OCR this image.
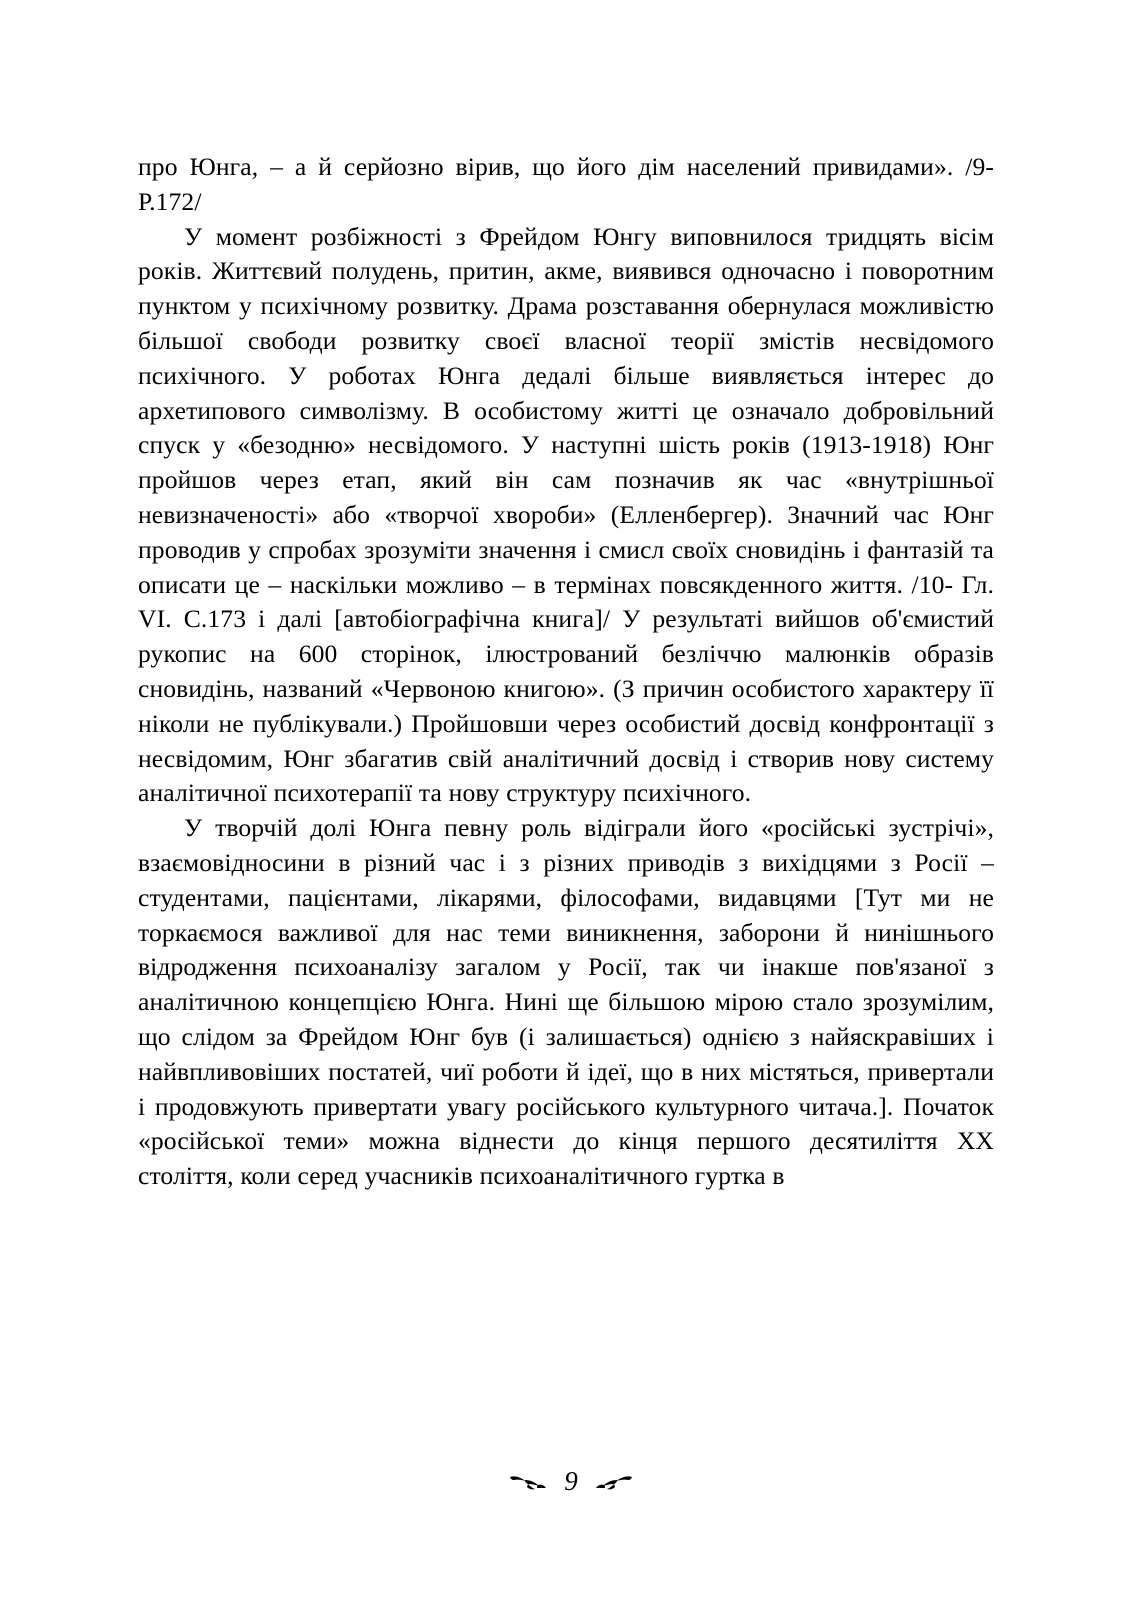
про Юнга, – а й серйозно вірив, що його дім населений привидами». /9- Р.172/

У момент розбіжності з Фрейдом Юнгу виповнилося тридцять вісім років. Життєвий полудень, притин, акме, виявився одночасно і поворотним пунктом у психічному розвитку. Драма розставання обернулася можливістю більшої свободи розвитку своєї власної теорії змістів несвідомого психічного. У роботах Юнга дедалі більше виявляється інтерес до архетипового символізму. В особистому житті це означало добровільний спуск у «безодню» несвідомого. У наступні шість років (1913-1918) Юнг пройшов через етап, який він сам позначив як час «внутрішньої невизначеності» або «творчої хвороби» (Елленбергер). Значний час Юнг проводив у спробах зрозуміти значення і смисл своїх сновидінь і фантазій та описати це – наскільки можливо – в термінах повсякденного життя. /10- Гл. VI. С.173 і далі [автобіографічна книга]/ У результаті вийшов об'ємистий рукопис на 600 сторінок, ілюстрований безліччю малюнків образів сновидінь, названий «Червоною книгою». (З причин особистого характеру її ніколи не публікували.) Пройшовши через особистий досвід конфронтації з несвідомим, Юнг збагатив свій аналітичний досвід і створив нову систему аналітичної психотерапії та нову структуру психічного.

У творчій долі Юнга певну роль відіграли його «російські зустрічі», взаємовідносини в різний час і з різних приводів з вихідцями з Росії – студентами, пацієнтами, лікарями, філософами, видавцями [Тут ми не торкаємося важливої для нас теми виникнення, заборони й нинішнього відродження психоаналізу загалом у Росії, так чи інакше пов'язаної з аналітичною концепцією Юнга. Нині ще більшою мірою стало зрозумілим, що слідом за Фрейдом Юнг був (і залишається) однією з найяскравіших і найвпливовіших постатей, чиї роботи й ідеї, що в них містяться, привертали і продовжують привертати увагу російського культурного читача.]. Початок «російської теми» можна віднести до кінця першого десятиліття ХХ століття, коли серед учасників психоаналітичного гуртка в

9
